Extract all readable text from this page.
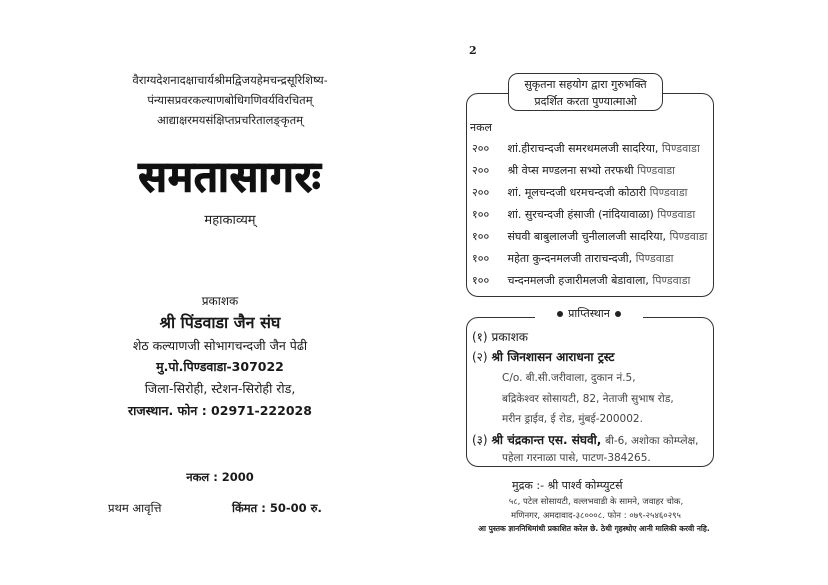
वैराग्यदेशनादक्षाचार्यश्रीमद्विजयहेमचन्द्रसूरिशिष्य-
पंन्यासप्रवरकल्याणबोधिगणिवर्यविरचितम्
आद्याक्षरमयसंक्षिप्तप्रचरितालङ्कृतम्
समतासागरः
महाकाव्यम्
प्रकाशक
श्री पिंडवाडा जैन संघ
शेठ कल्याणजी सोभागचन्दजी जैन पेढी
मु.पो.पिण्डवाडा-307022
जिला-सिरोही, स्टेशन-सिरोही रोड,
राजस्थान. फोन : 02971-222028
नकल : 2000
प्रथम आवृत्ति	किंमत : 50-00 रु.
2
सुकृतना सहयोग द्वारा गुरुभक्ति
प्रदर्शित करता पुण्यात्माओ
नकल
२०० शां.हीराचन्दजी समरथमलजी सादरिया, पिण्डवाडा
२०० श्री वेप्स मण्डलना सभ्यो तरफथी पिण्डवाडा
२०० शां. मूलचन्दजी धरमचन्दजी कोठारी पिण्डवाडा
१०० शां. सुरचन्दजी हंसाजी (नांदियावाळा) पिण्डवाडा
१०० संघवी बाबुलालजी चुनीलालजी सादरिया, पिण्डवाडा
१०० महेता कुन्दनमलजी ताराचन्दजी, पिण्डवाडा
१०० चन्दनमलजी हजारीमलजी बेडावाला, पिण्डवाडा
प्राप्तिस्थान
(१) प्रकाशक
(२) श्री जिनशासन आराधना ट्रस्ट
C/o. बी.सी.जरीवाला, दुकान नं.5,
बद्रिकेश्वर सोसायटी, 82, नेताजी सुभाष रोड,
मरीन ड्राईव, ई रोड, मुंबई-200002.
(३) श्री चंद्रकान्त एस. संघवी, बी-6, अशोका कोम्प्लेक्ष,
पहेला गरनाळा पासे, पाटण-384265.
मुद्रक :- श्री पार्श्व कोम्प्युटर्स
५८, पटेल सोसायटी, वल्लभवाडी के सामने, जवाहर चोक,
मणिनगर, अमदावाद-३८०००८. फोन : ०७९-२५४६०२९५
आ पुस्तक ज्ञाननिधिमांथी प्रकाशित करेल छे. ठेथी गृहस्थोए आनी मालिकी करवी नहि.
